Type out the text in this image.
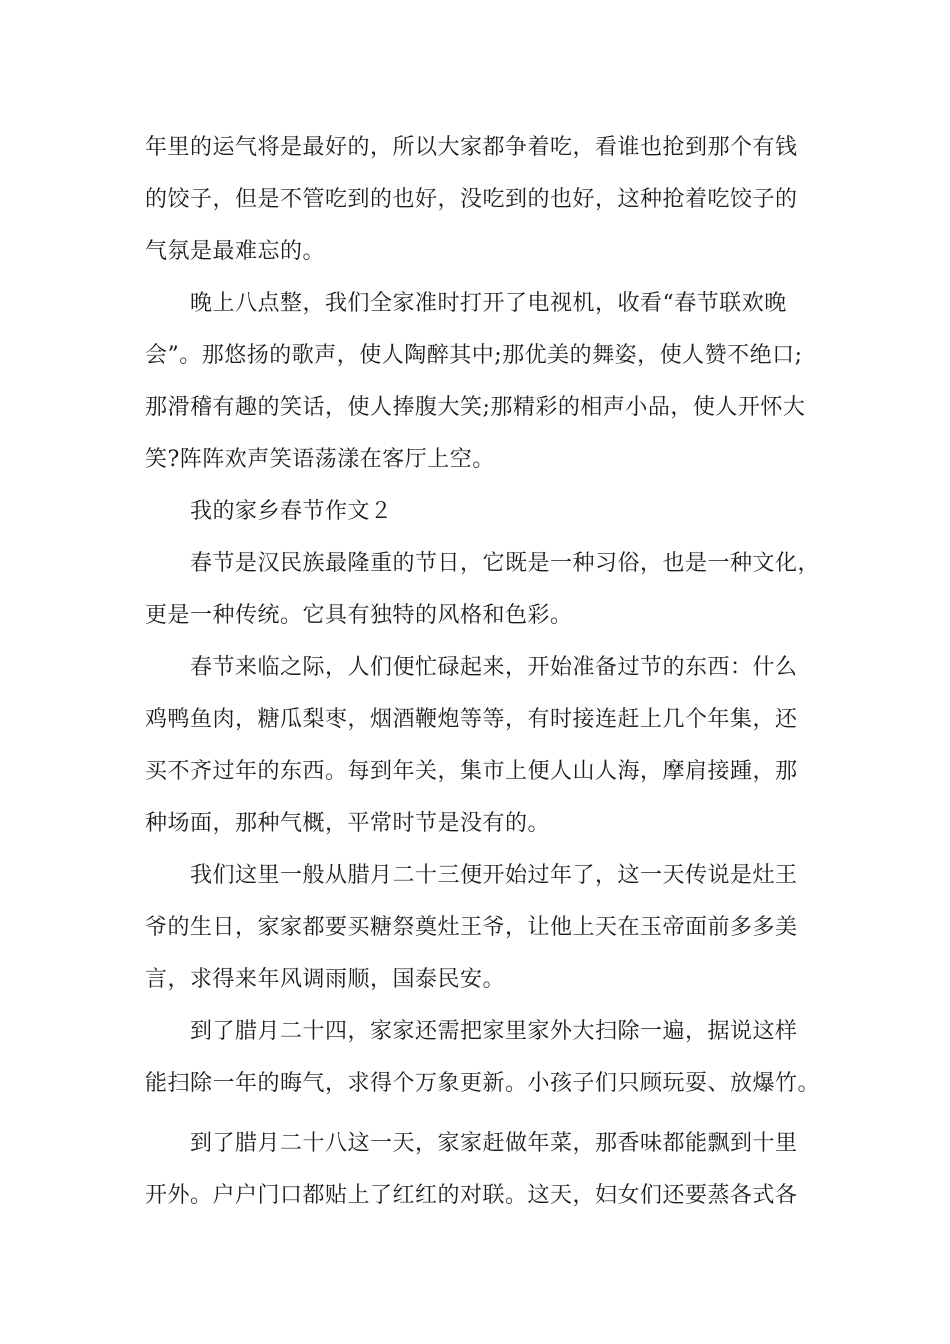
年里的运气将是最好的，所以大家都争着吃，看谁也抢到那个有钱
的饺子，但是不管吃到的也好，没吃到的也好，这种抢着吃饺子的
气氛是最难忘的。
晚上八点整，我们全家准时打开了电视机，收看“春节联欢晚
会”。那悠扬的歌声，使人陶醉其中;那优美的舞姿，使人赞不绝口;
那滑稽有趣的笑话，使人捧腹大笑;那精彩的相声小品，使人开怀大
笑?阵阵欢声笑语荡漾在客厅上空。
我的家乡春节作文２
春节是汉民族最隆重的节日，它既是一种习俗，也是一种文化，
更是一种传统。它具有独特的风格和色彩。
春节来临之际，人们便忙碌起来，开始准备过节的东西：什么
鸡鸭鱼肉，糖瓜梨枣，烟酒鞭炮等等，有时接连赶上几个年集，还
买不齐过年的东西。每到年关，集市上便人山人海，摩肩接踵，那
种场面，那种气概，平常时节是没有的。
我们这里一般从腊月二十三便开始过年了，这一天传说是灶王
爷的生日，家家都要买糖祭奠灶王爷，让他上天在玉帝面前多多美
言，求得来年风调雨顺，国泰民安。
到了腊月二十四，家家还需把家里家外大扫除一遍，据说这样
能扫除一年的晦气，求得个万象更新。小孩子们只顾玩耍、放爆竹。
到了腊月二十八这一天，家家赶做年菜，那香味都能飘到十里
开外。户户门口都贴上了红红的对联。这天，妇女们还要蒸各式各
